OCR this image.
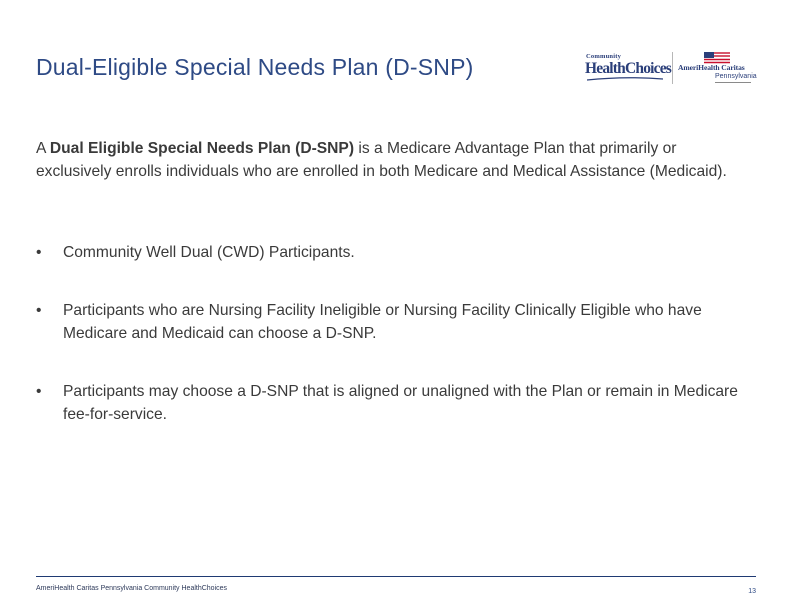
Dual-Eligible Special Needs Plan (D-SNP)	Community
HealthChoices AmeriHealth Caritas
Pennsylvania
A Dual Eligible Special Needs Plan (D-SNP) is a Medicare Advantage Plan that primarily or exclusively enrolls individuals who are enrolled in both Medicare and Medical Assistance (Medicaid).
•	Community Well Dual (CWD) Participants.
•	Participants who are Nursing Facility Ineligible or Nursing Facility Clinically Eligible who have Medicare and Medicaid can choose a D-SNP.
•	Participants may choose a D-SNP that is aligned or unaligned with the Plan or remain in Medicare fee-for-service.
AmeriHealth Caritas Pennsylvania Community HealthChoices	13
